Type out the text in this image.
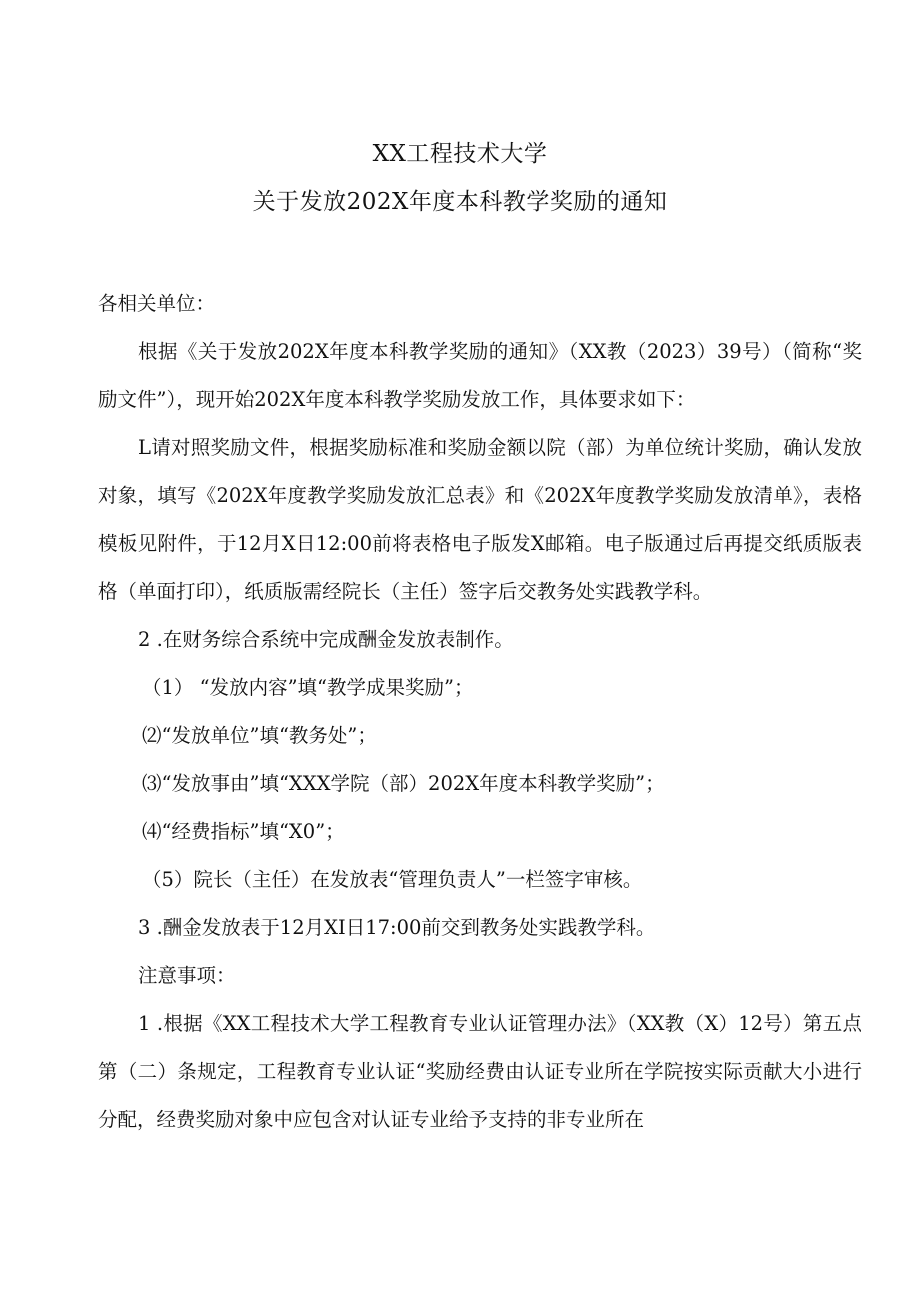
XX工程技术大学
关于发放202X年度本科教学奖励的通知

各相关单位：

根据《关于发放202X年度本科教学奖励的通知》（XX教（2023）39号）（简称“奖励文件”），现开始202X年度本科教学奖励发放工作，具体要求如下：

L请对照奖励文件，根据奖励标准和奖励金额以院（部）为单位统计奖励，确认发放对象，填写《202X年度教学奖励发放汇总表》和《202X年度教学奖励发放清单》，表格模板见附件，于12月X日12:00前将表格电子版发X邮箱。电子版通过后再提交纸质版表格（单面打印），纸质版需经院长（主任）签字后交教务处实践教学科。

2 .在财务综合系统中完成酬金发放表制作。

（1） “发放内容”填“教学成果奖励”；

⑵“发放单位”填“教务处”；

⑶“发放事由”填“XXX学院（部）202X年度本科教学奖励”；

⑷“经费指标”填“X0”；

（5）院长（主任）在发放表“管理负责人”一栏签字审核。

3 .酬金发放表于12月XI日17:00前交到教务处实践教学科。

注意事项：

1 .根据《XX工程技术大学工程教育专业认证管理办法》（XX教（X）12号）第五点第（二）条规定，工程教育专业认证“奖励经费由认证专业所在学院按实际贡献大小进行分配，经费奖励对象中应包含对认证专业给予支持的非专业所在
